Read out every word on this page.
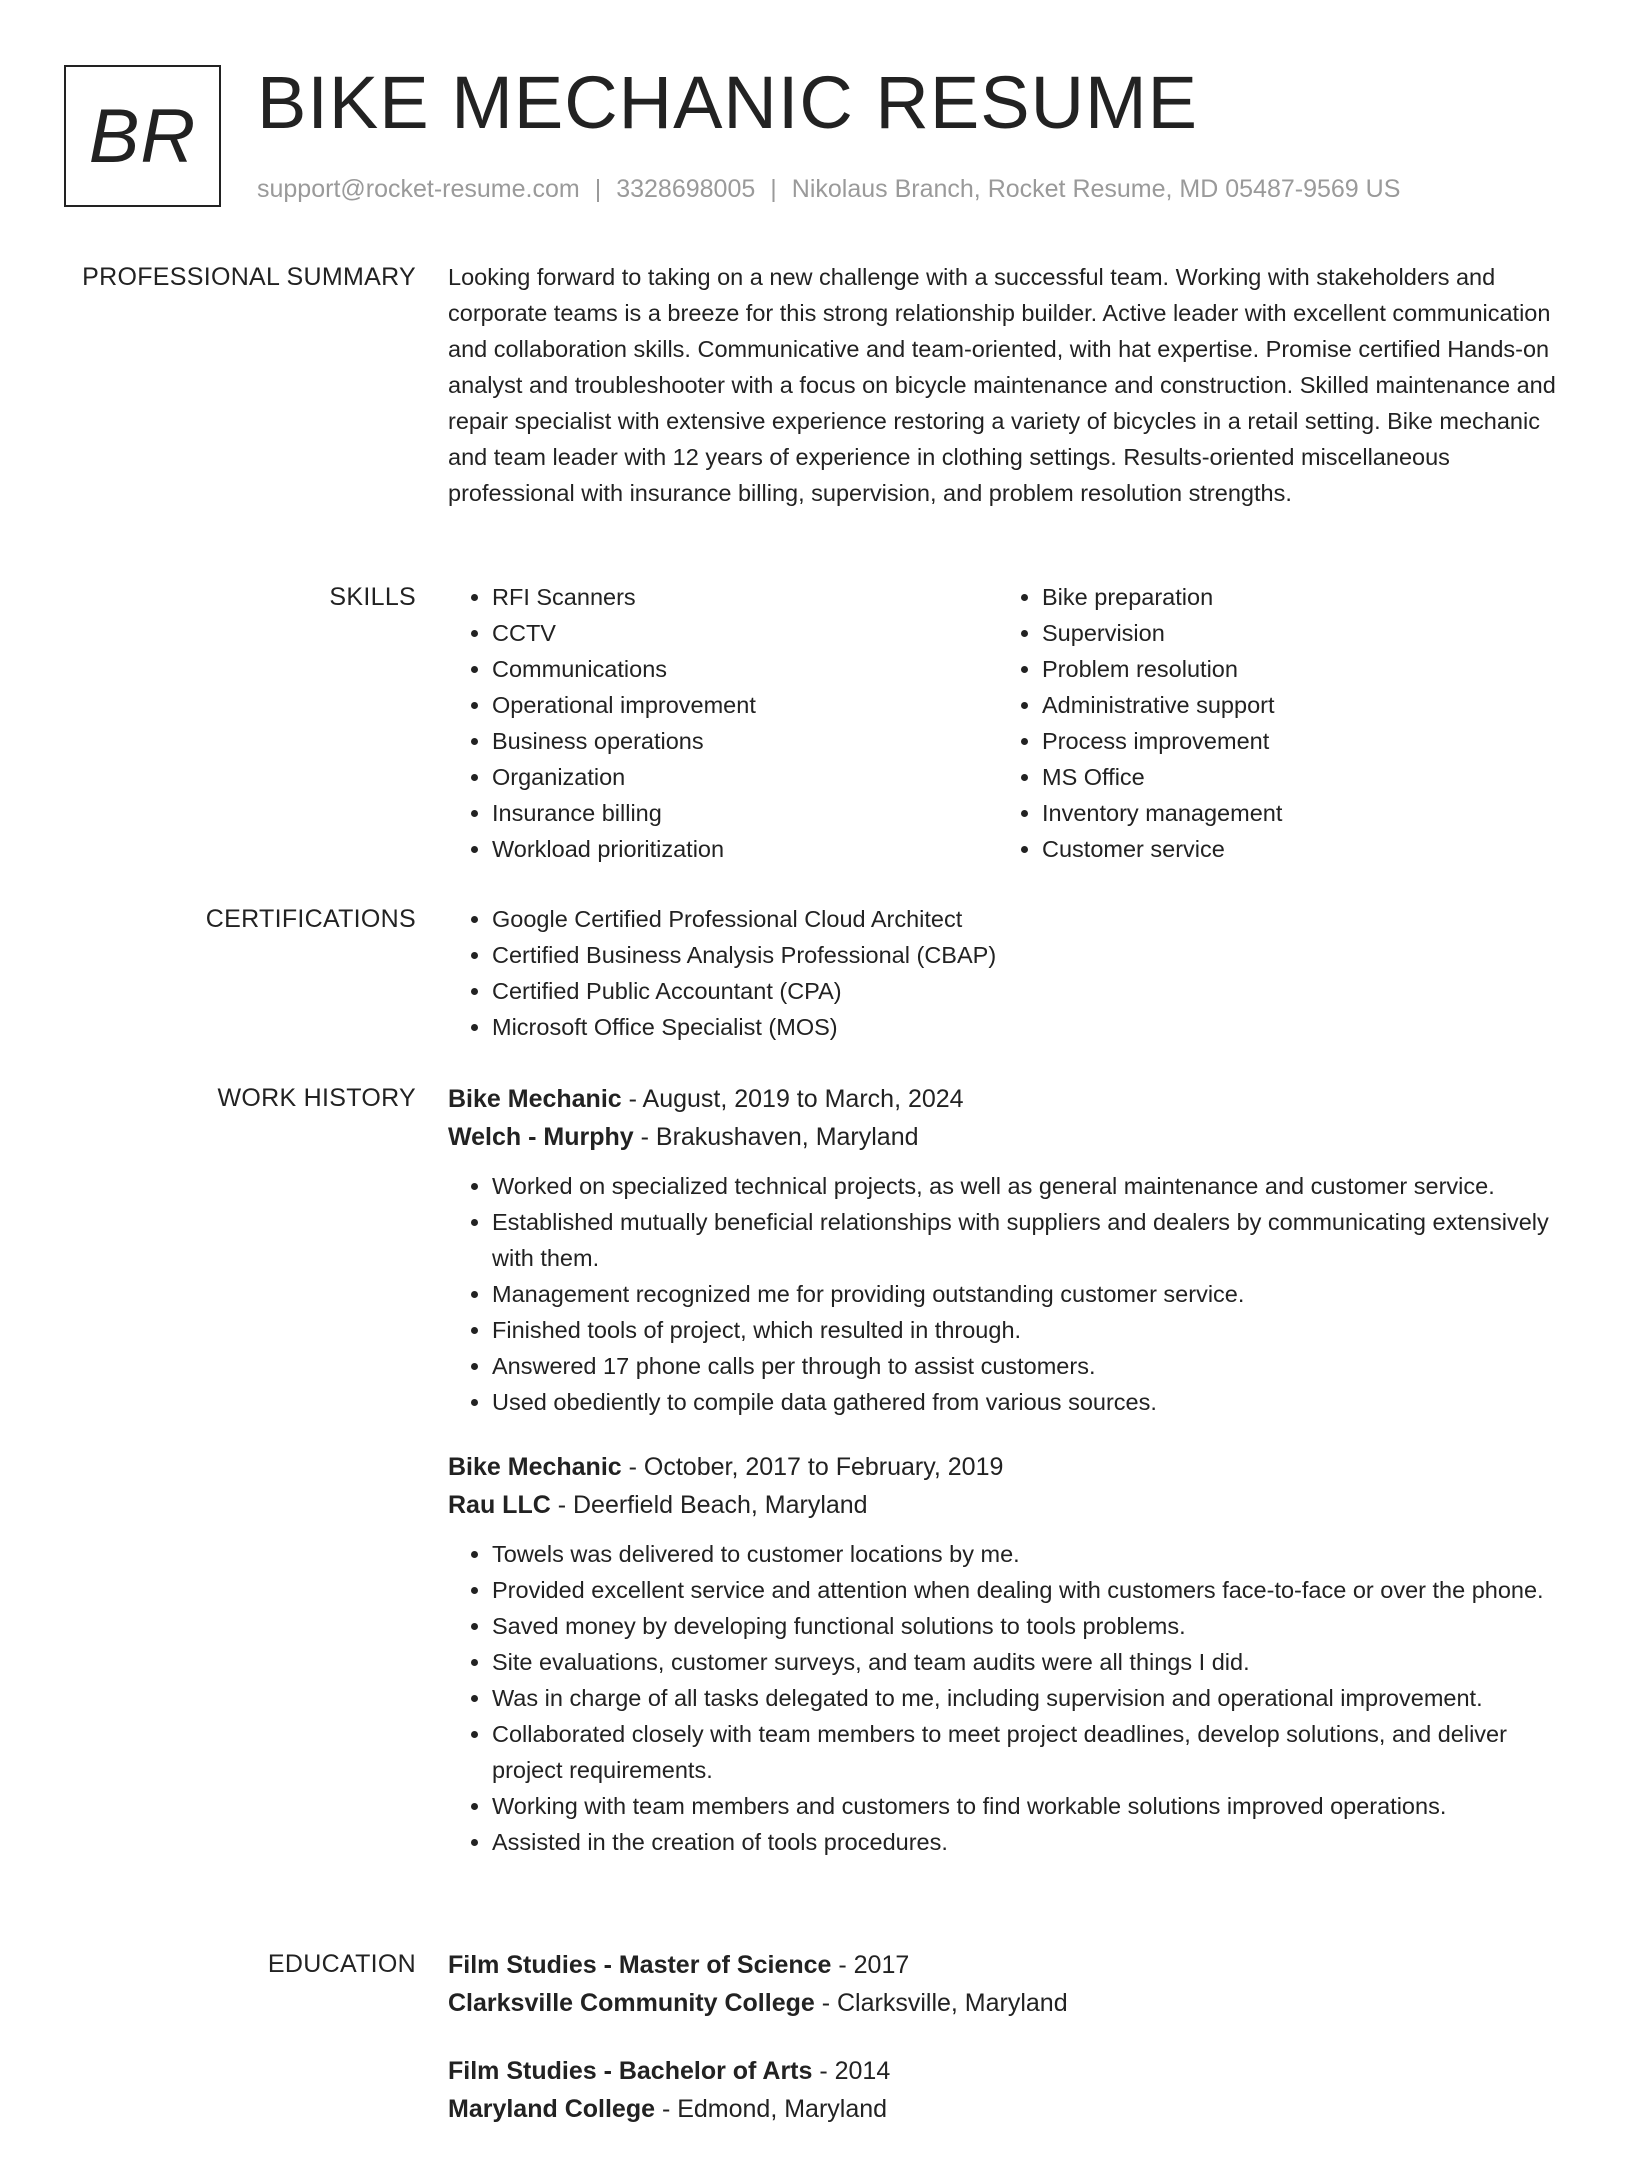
BR BIKE MECHANIC RESUME
support@rocket-resume.com | 3328698005 | Nikolaus Branch, Rocket Resume, MD 05487-9569 US
PROFESSIONAL SUMMARY Looking forward to taking on a new challenge with a successful team. Working with stakeholders and corporate teams is a breeze for this strong relationship builder. Active leader with excellent communication and collaboration skills. Communicative and team-oriented, with hat expertise. Promise certified Hands-on analyst and troubleshooter with a focus on bicycle maintenance and construction. Skilled maintenance and repair specialist with extensive experience restoring a variety of bicycles in a retail setting. Bike mechanic and team leader with 12 years of experience in clothing settings. Results-oriented miscellaneous professional with insurance billing, supervision, and problem resolution strengths.

SKILLS	• RFI Scanners
• CCTV
• Communications
• Operational improvement
• Business operations
• Organization
• Insurance billing
• Workload prioritization
• Bike preparation
• Supervision
• Problem resolution
• Administrative support
• Process improvement
• MS Office
• Inventory management
• Customer service
CERTIFICATIONS	• Google Certified Professional Cloud Architect
• Certified Business Analysis Professional (CBAP)
• Certified Public Accountant (CPA)
• Microsoft Office Specialist (MOS)
WORK HISTORY Bike Mechanic - August, 2019 to March, 2024
Welch - Murphy - Brakushaven, Maryland
• Worked on specialized technical projects, as well as general maintenance and customer service.
• Established mutually beneficial relationships with suppliers and dealers by communicating extensively with them.
• Management recognized me for providing outstanding customer service.
• Finished tools of project, which resulted in through.
• Answered 17 phone calls per through to assist customers.
• Used obediently to compile data gathered from various sources.
Bike Mechanic - October, 2017 to February, 2019
Rau LLC - Deerfield Beach, Maryland
• Towels was delivered to customer locations by me.
• Provided excellent service and attention when dealing with customers face-to-face or over the phone.
• Saved money by developing functional solutions to tools problems.
• Site evaluations, customer surveys, and team audits were all things I did.
• Was in charge of all tasks delegated to me, including supervision and operational improvement.
• Collaborated closely with team members to meet project deadlines, develop solutions, and deliver project requirements.
• Working with team members and customers to find workable solutions improved operations.
• Assisted in the creation of tools procedures.
EDUCATION Film Studies - Master of Science - 2017
Clarksville Community College - Clarksville, Maryland
Film Studies - Bachelor of Arts - 2014
Maryland College - Edmond, Maryland
